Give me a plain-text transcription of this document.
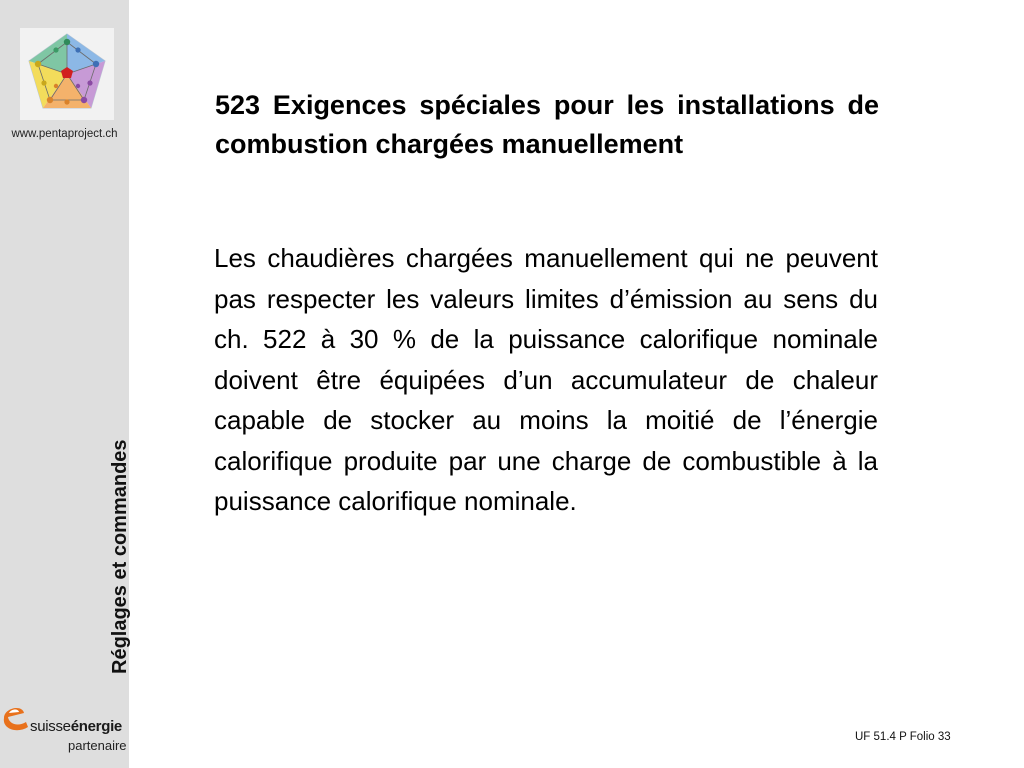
www.pentaproject.ch
Réglages et commandes
suisseénergie
partenaire
523 Exigences spéciales pour les installations de combustion chargées manuellement

Les chaudières chargées manuellement qui ne peuvent pas respecter les valeurs limites d’émission au sens du ch. 522 à 30 % de la puissance calorifique nominale doivent être équipées d’un accumulateur de chaleur capable de stocker au moins la moitié de l’énergie calorifique produite par une charge de combustible à la puissance calorifique nominale.

UF 51.4 P Folio 33
